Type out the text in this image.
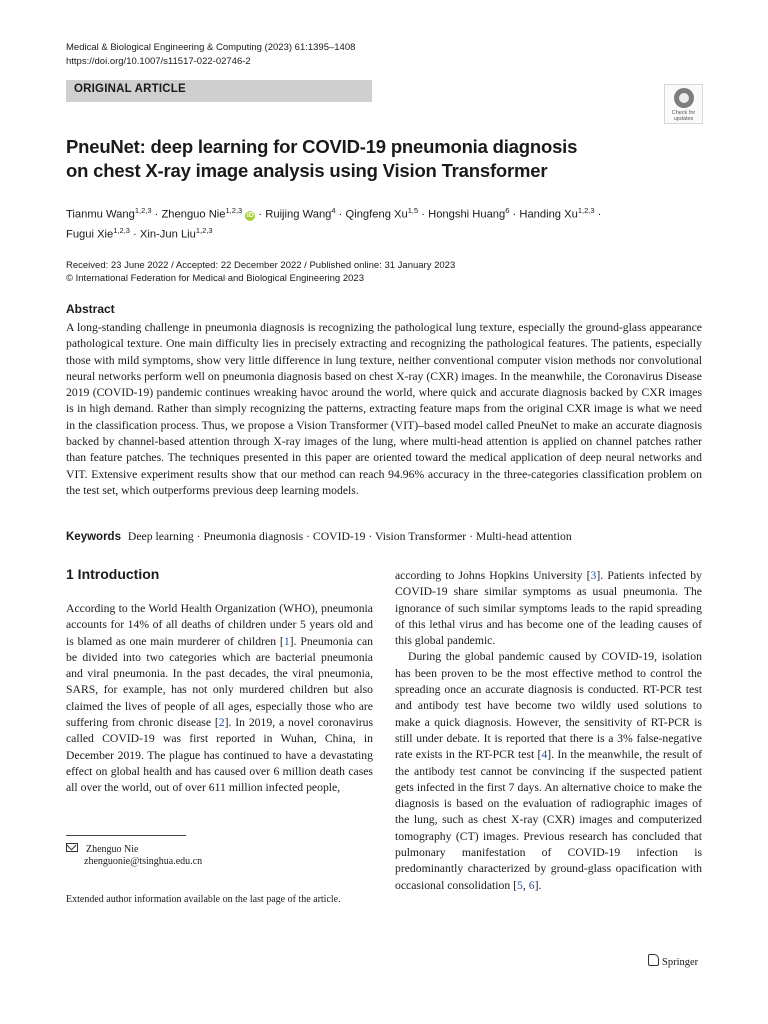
Medical & Biological Engineering & Computing (2023) 61:1395–1408
https://doi.org/10.1007/s11517-022-02746-2
ORIGINAL ARTICLE
Check for updates
PneuNet: deep learning for COVID-19 pneumonia diagnosis
on chest X-ray image analysis using Vision Transformer
Tianmu Wang$^{1,2,3}$ · Zhenguo Nie$^{1,2,3}$ iD · Ruijing Wang$^4$ · Qingfeng Xu$^{1,5}$ · Hongshi Huang$^6$ · Handing Xu$^{1,2,3}$ ·
Fugui Xie$^{1,2,3}$ · Xin-Jun Liu$^{1,2,3}$
Received: 23 June 2022 / Accepted: 22 December 2022 / Published online: 31 January 2023
© International Federation for Medical and Biological Engineering 2023
Abstract
A long-standing challenge in pneumonia diagnosis is recognizing the pathological lung texture, especially the ground-glass appearance pathological texture. One main difficulty lies in precisely extracting and recognizing the pathological features. The patients, especially those with mild symptoms, show very little difference in lung texture, neither conventional computer vision methods nor convolutional neural networks perform well on pneumonia diagnosis based on chest X-ray (CXR) images. In the meanwhile, the Coronavirus Disease 2019 (COVID-19) pandemic continues wreaking havoc around the world, where quick and accurate diagnosis backed by CXR images is in high demand. Rather than simply recognizing the patterns, extracting feature maps from the original CXR image is what we need in the classification process. Thus, we propose a Vision Transformer (VIT)–based model called PneuNet to make an accurate diagnosis backed by channel-based attention through X-ray images of the lung, where multi-head attention is applied on channel patches rather than feature patches. The techniques presented in this paper are oriented toward the medical application of deep neural networks and VIT. Extensive experiment results show that our method can reach 94.96% accuracy in the three-categories classification problem on the test set, which outperforms previous deep learning models.
Keywords Deep learning · Pneumonia diagnosis · COVID-19 · Vision Transformer · Multi-head attention
1 Introduction

According to the World Health Organization (WHO), pneumonia accounts for 14% of all deaths of children under 5 years old and is blamed as one main murderer of children [1]. Pneumonia can be divided into two categories which are bacterial pneumonia and viral pneumonia. In the past decades, the viral pneumonia, SARS, for example, has not only murdered children but also claimed the lives of people of all ages, especially those who are suffering from chronic disease [2]. In 2019, a novel coronavirus called COVID-19 was first reported in Wuhan, China, in December 2019. The plague has continued to have a devastating effect on global health and has caused over 6 million death cases all over the world, out of over 611 million infected people,

according to Johns Hopkins University [3]. Patients infected by COVID-19 share similar symptoms as usual pneumonia. The ignorance of such similar symptoms leads to the rapid spreading of this lethal virus and has become one of the leading causes of this global pandemic.

During the global pandemic caused by COVID-19, isolation has been proven to be the most effective method to control the spreading once an accurate diagnosis is conducted. RT-PCR test and antibody test have become two wildly used solutions to make a quick diagnosis. However, the sensitivity of RT-PCR is still under debate. It is reported that there is a 3% false-negative rate exists in the RT-PCR test [4]. In the meanwhile, the result of the antibody test cannot be convincing if the suspected patient gets infected in the first 7 days. An alternative choice to make the diagnosis is based on the evaluation of radiographic images of the lung, such as chest X-ray (CXR) images and computerized tomography (CT) images. Previous research has concluded that pulmonary manifestation of COVID-19 infection is predominantly characterized by ground-glass opacification with occasional consolidation [5, 6].

Zhenguo Nie
zhenguonie@tsinghua.edu.cn
Extended author information available on the last page of the article.
Springer
